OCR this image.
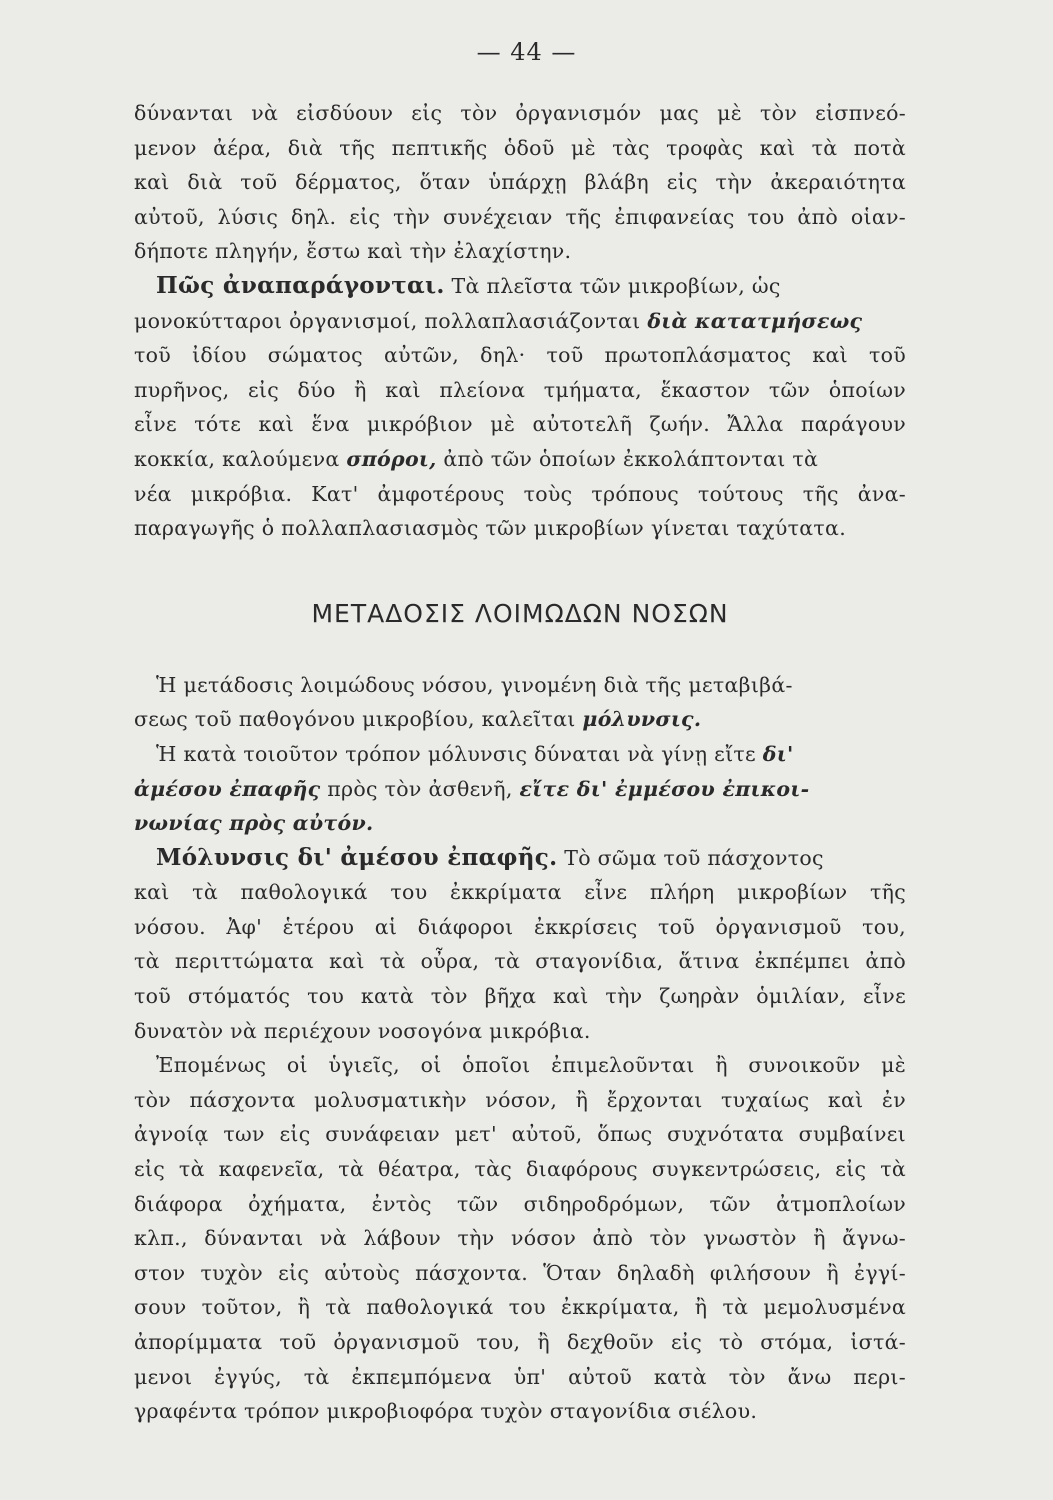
— 44 —
δύνανται νὰ εἰσδύουν εἰς τὸν ὀργανισμόν μας μὲ τὸν εἰσπνεό-
μενον ἀέρα, διὰ τῆς πεπτικῆς ὁδοῦ μὲ τὰς τροφὰς καὶ τὰ ποτὰ
καὶ διὰ τοῦ δέρματος, ὅταν ὑπάρχῃ βλάβη εἰς τὴν ἀκεραιότητα
αὐτοῦ, λύσις δηλ. εἰς τὴν συνέχειαν τῆς ἐπιφανείας του ἀπὸ οἱαν-
δήποτε πληγήν, ἔστω καὶ τὴν ἐλαχίστην.
Πῶς ἀναπαράγονται. Τὰ πλεῖστα τῶν μικροβίων, ὡς
μονοκύτταροι ὀργανισμοί, πολλαπλασιάζονται διὰ κατατμήσεως
τοῦ ἰδίου σώματος αὐτῶν, δηλ· τοῦ πρωτοπλάσματος καὶ τοῦ
πυρῆνος, εἰς δύο ἢ καὶ πλείονα τμήματα, ἕκαστον τῶν ὁποίων
εἶνε τότε καὶ ἕνα μικρόβιον μὲ αὐτοτελῆ ζωήν. Ἄλλα παράγουν
κοκκία, καλούμενα σπόροι, ἀπὸ τῶν ὁποίων ἐκκολάπτονται τὰ
νέα μικρόβια. Κατ' ἀμφοτέρους τοὺς τρόπους τούτους τῆς ἀνα-
παραγωγῆς ὁ πολλαπλασιασμὸς τῶν μικροβίων γίνεται ταχύτατα.
ΜΕΤΑΔΟΣΙΣ ΛΟΙΜΩΔΩΝ ΝΟΣΩΝ
Ἡ μετάδοσις λοιμώδους νόσου, γινομένη διὰ τῆς μεταβιβά-
σεως τοῦ παθογόνου μικροβίου, καλεῖται μόλυνσις.
Ἡ κατὰ τοιοῦτον τρόπον μόλυνσις δύναται νὰ γίνῃ εἴτε δι'
ἀμέσου ἐπαφῆς πρὸς τὸν ἀσθενῆ, εἴτε δι' ἐμμέσου ἐπικοι-
νωνίας πρὸς αὐτόν.
Μόλυνσις δι' ἀμέσου ἐπαφῆς. Τὸ σῶμα τοῦ πάσχοντος
καὶ τὰ παθολογικά του ἐκκρίματα εἶνε πλήρη μικροβίων τῆς
νόσου. Ἀφ' ἑτέρου αἱ διάφοροι ἐκκρίσεις τοῦ ὀργανισμοῦ του,
τὰ περιττώματα καὶ τὰ οὖρα, τὰ σταγονίδια, ἅτινα ἐκπέμπει ἀπὸ
τοῦ στόματός του κατὰ τὸν βῆχα καὶ τὴν ζωηρὰν ὁμιλίαν, εἶνε
δυνατὸν νὰ περιέχουν νοσογόνα μικρόβια.
Ἐπομένως οἱ ὑγιεῖς, οἱ ὁποῖοι ἐπιμελοῦνται ἢ συνοικοῦν μὲ
τὸν πάσχοντα μολυσματικὴν νόσον, ἢ ἔρχονται τυχαίως καὶ ἐν
ἀγνοίᾳ των εἰς συνάφειαν μετ' αὐτοῦ, ὅπως συχνότατα συμβαίνει
εἰς τὰ καφενεῖα, τὰ θέατρα, τὰς διαφόρους συγκεντρώσεις, εἰς τὰ
διάφορα ὀχήματα, ἐντὸς τῶν σιδηροδρόμων, τῶν ἀτμοπλοίων
κλπ., δύνανται νὰ λάβουν τὴν νόσον ἀπὸ τὸν γνωστὸν ἢ ἄγνω-
στον τυχὸν εἰς αὐτοὺς πάσχοντα. Ὅταν δηλαδὴ φιλήσουν ἢ ἐγγί-
σουν τοῦτον, ἢ τὰ παθολογικά του ἐκκρίματα, ἢ τὰ μεμολυσμένα
ἀπορίμματα τοῦ ὀργανισμοῦ του, ἢ δεχθοῦν εἰς τὸ στόμα, ἱστά-
μενοι ἐγγύς, τὰ ἐκπεμπόμενα ὑπ' αὐτοῦ κατὰ τὸν ἄνω περι-
γραφέντα τρόπον μικροβιοφόρα τυχὸν σταγονίδια σιέλου.
